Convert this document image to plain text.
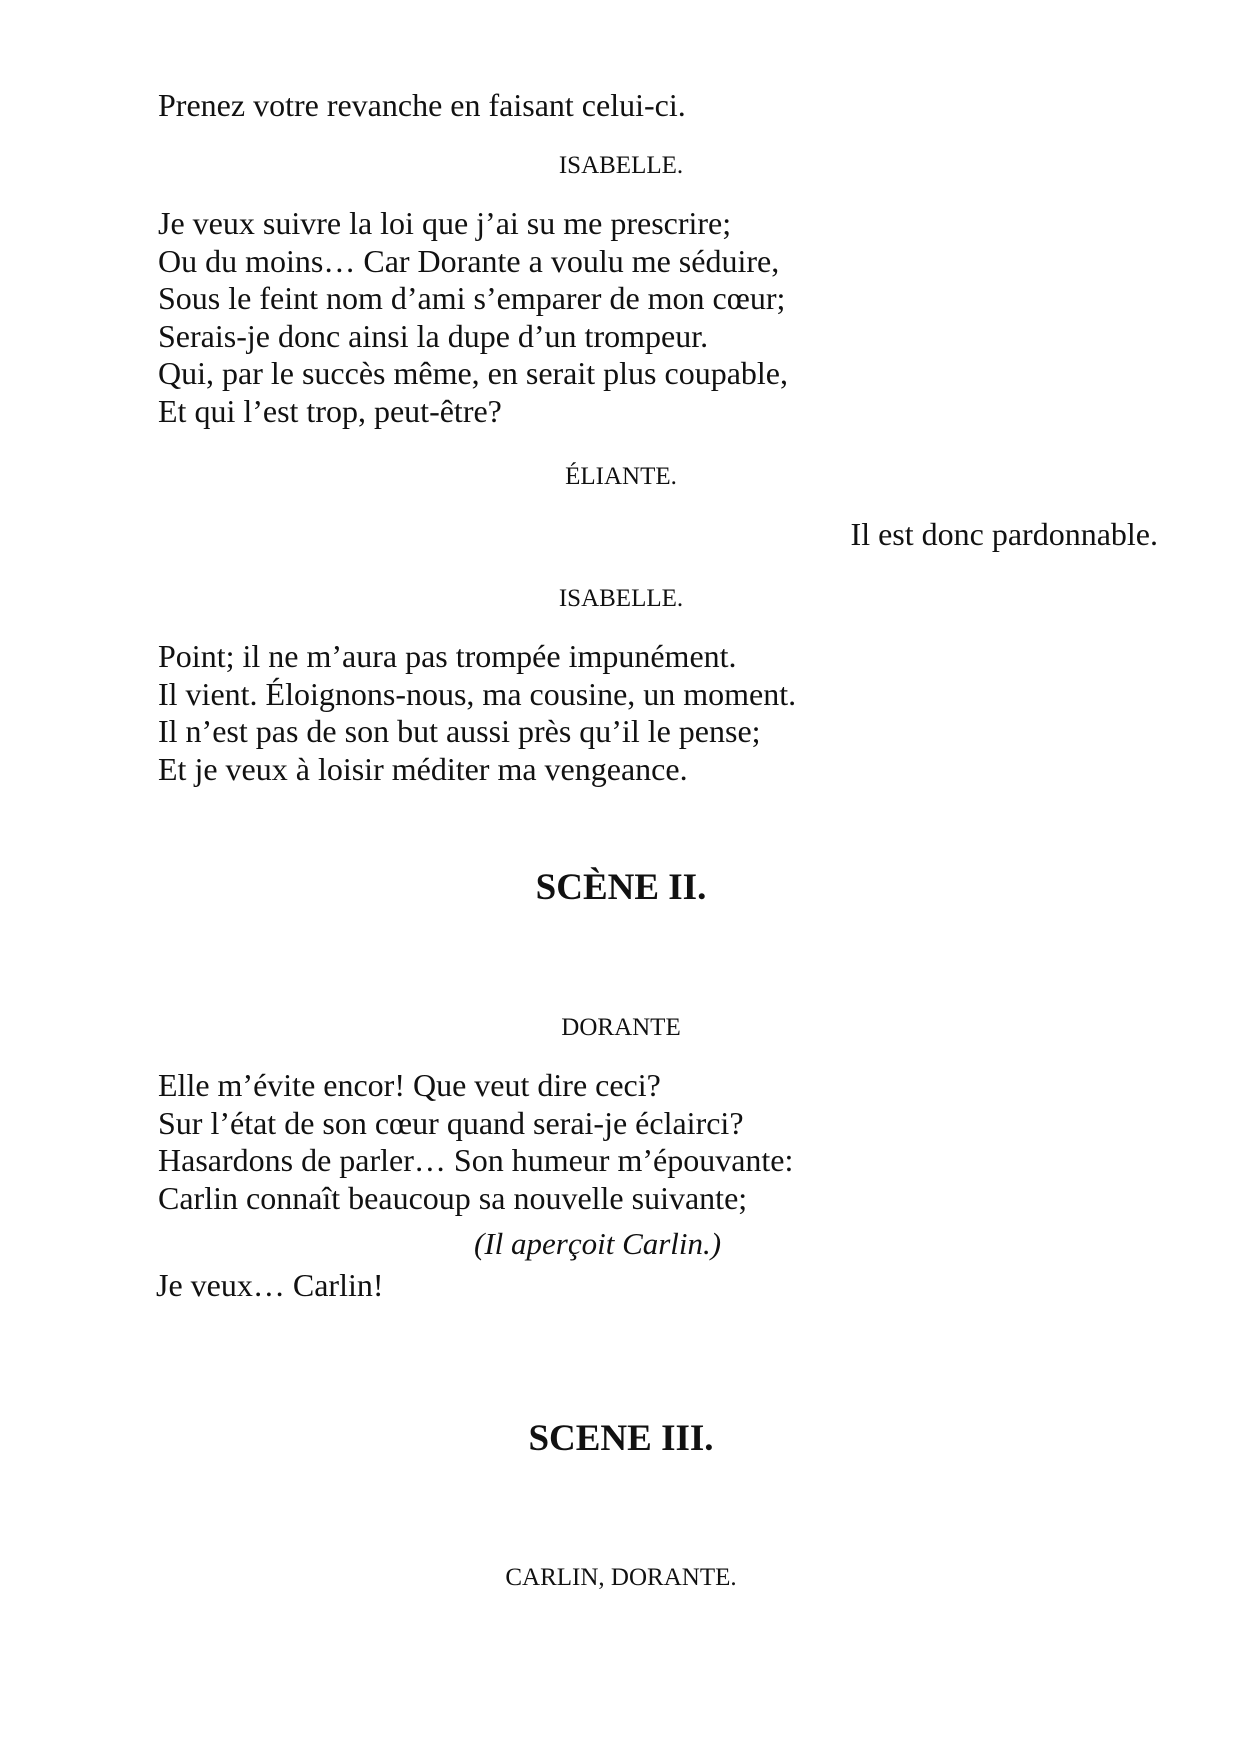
Prenez votre revanche en faisant celui-ci.
ISABELLE.
Je veux suivre la loi que j’ai su me prescrire;
Ou du moins… Car Dorante a voulu me séduire,
Sous le feint nom d’ami s’emparer de mon cœur;
Serais-je donc ainsi la dupe d’un trompeur.
Qui, par le succès même, en serait plus coupable,
Et qui l’est trop, peut-être?
ÉLIANTE.
Il est donc pardonnable.
ISABELLE.
Point; il ne m’aura pas trompée impunément.
Il vient. Éloignons-nous, ma cousine, un moment.
Il n’est pas de son but aussi près qu’il le pense;
Et je veux à loisir méditer ma vengeance.
SCÈNE II.
DORANTE
Elle m’évite encor! Que veut dire ceci?
Sur l’état de son cœur quand serai-je éclairci?
Hasardons de parler… Son humeur m’épouvante:
Carlin connaît beaucoup sa nouvelle suivante;
(Il aperçoit Carlin.)
Je veux… Carlin!
SCENE III.
CARLIN, DORANTE.
